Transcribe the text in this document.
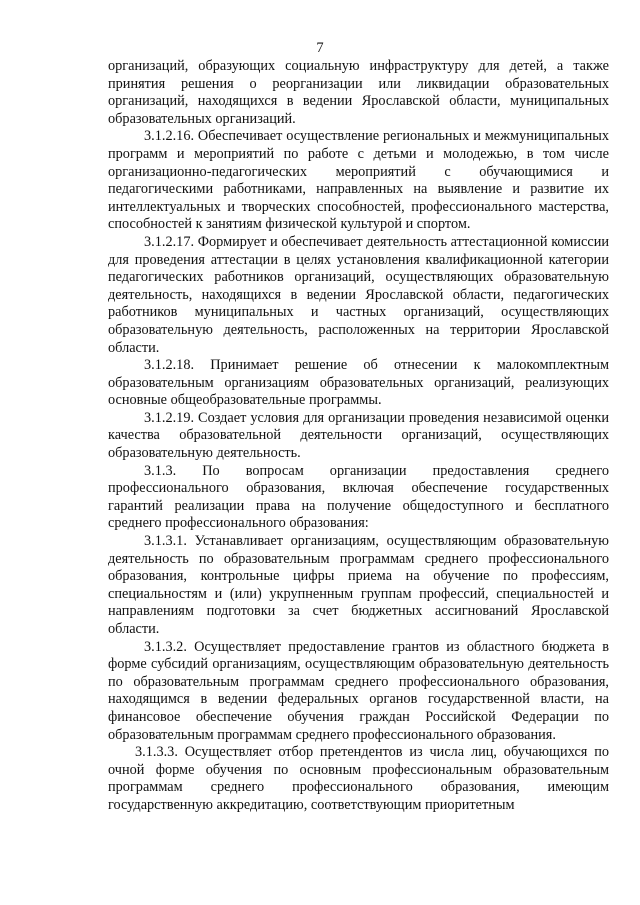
7

организаций, образующих социальную инфраструктуру для детей, а также принятия решения о реорганизации или ликвидации образовательных организаций, находящихся в ведении Ярославской области, муниципальных образовательных организаций.

3.1.2.16. Обеспечивает осуществление региональных и межмуниципальных программ и мероприятий по работе с детьми и молодежью, в том числе организационно-педагогических мероприятий с обучающимися и педагогическими работниками, направленных на выявление и развитие их интеллектуальных и творческих способностей, профессионального мастерства, способностей к занятиям физической культурой и спортом.

3.1.2.17. Формирует и обеспечивает деятельность аттестационной комиссии для проведения аттестации в целях установления квалификационной категории педагогических работников организаций, осуществляющих образовательную деятельность, находящихся в ведении Ярославской области, педагогических работников муниципальных и частных организаций, осуществляющих образовательную деятельность, расположенных на территории Ярославской области.

3.1.2.18. Принимает решение об отнесении к малокомплектным образовательным организациям образовательных организаций, реализующих основные общеобразовательные программы.

3.1.2.19. Создает условия для организации проведения независимой оценки качества образовательной деятельности организаций, осуществляющих образовательную деятельность.

3.1.3. По вопросам организации предоставления среднего профессионального образования, включая обеспечение государственных гарантий реализации права на получение общедоступного и бесплатного среднего профессионального образования:

3.1.3.1. Устанавливает организациям, осуществляющим образовательную деятельность по образовательным программам среднего профессионального образования, контрольные цифры приема на обучение по профессиям, специальностям и (или) укрупненным группам профессий, специальностей и направлениям подготовки за счет бюджетных ассигнований Ярославской области.

3.1.3.2. Осуществляет предоставление грантов из областного бюджета в форме субсидий организациям, осуществляющим образовательную деятельность по образовательным программам среднего профессионального образования, находящимся в ведении федеральных органов государственной власти, на финансовое обеспечение обучения граждан Российской Федерации по образовательным программам среднего профессионального образования.

3.1.3.3. Осуществляет отбор претендентов из числа лиц, обучающихся по очной форме обучения по основным профессиональным образовательным программам среднего профессионального образования, имеющим государственную аккредитацию, соответствующим приоритетным
